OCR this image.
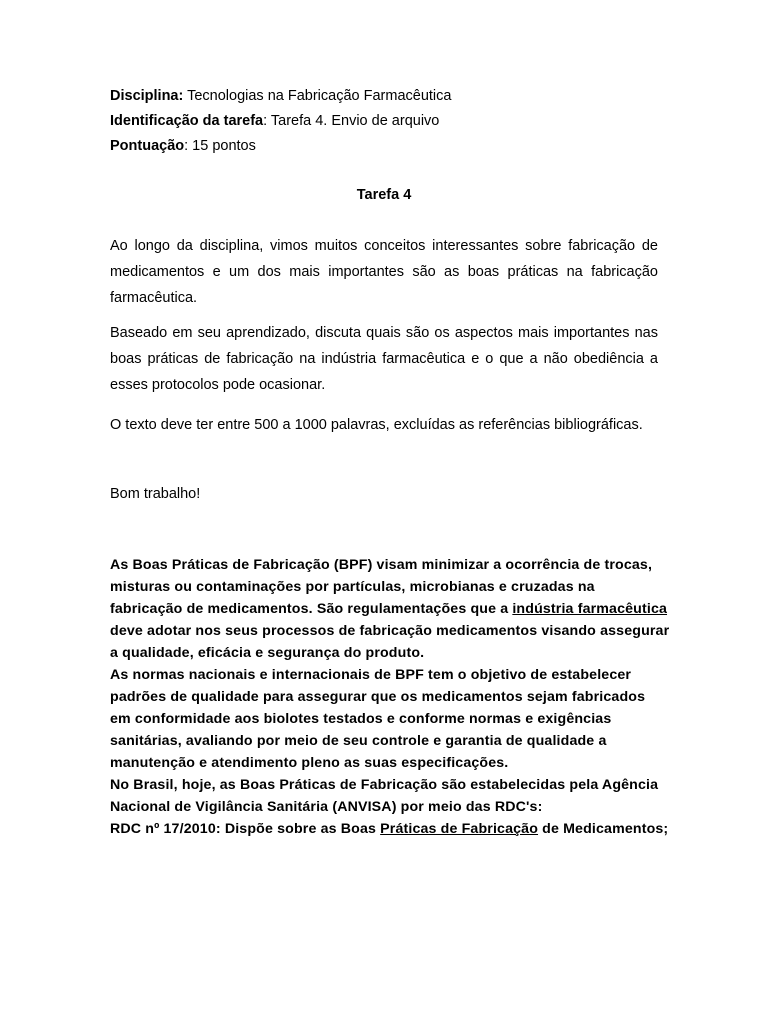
Disciplina: Tecnologias na Fabricação Farmacêutica
Identificação da tarefa: Tarefa 4. Envio de arquivo
Pontuação: 15 pontos
Tarefa 4

Ao longo da disciplina, vimos muitos conceitos interessantes sobre fabricação de medicamentos e um dos mais importantes são as boas práticas na fabricação farmacêutica.

Baseado em seu aprendizado, discuta quais são os aspectos mais importantes nas boas práticas de fabricação na indústria farmacêutica e o que a não obediência a esses protocolos pode ocasionar.

O texto deve ter entre 500 a 1000 palavras, excluídas as referências bibliográficas.

Bom trabalho!

As Boas Práticas de Fabricação (BPF) visam minimizar a ocorrência de trocas, misturas ou contaminações por partículas, microbianas e cruzadas na fabricação de medicamentos. São regulamentações que a indústria farmacêutica deve adotar nos seus processos de fabricação medicamentos visando assegurar a qualidade, eficácia e segurança do produto.

As normas nacionais e internacionais de BPF tem o objetivo de estabelecer padrões de qualidade para assegurar que os medicamentos sejam fabricados em conformidade aos biolotes testados e conforme normas e exigências sanitárias, avaliando por meio de seu controle e garantia de qualidade a manutenção e atendimento pleno as suas especificações.

No Brasil, hoje, as Boas Práticas de Fabricação são estabelecidas pela Agência Nacional de Vigilância Sanitária (ANVISA) por meio das RDC's:

RDC nº 17/2010: Dispõe sobre as Boas Práticas de Fabricação de Medicamentos;
